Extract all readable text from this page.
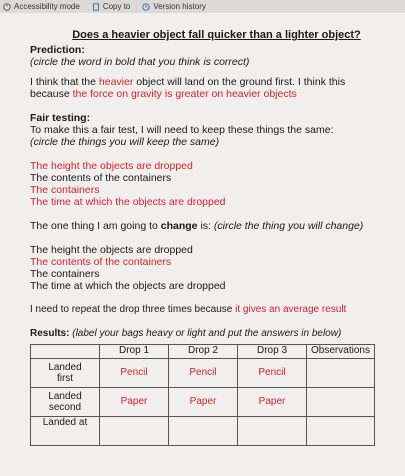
Accessibility mode	Copy to	Version history
Does a heavier object fall quicker than a lighter object?
Prediction:
(circle the word in bold that you think is correct)
I think that the heavier object will land on the ground first. I think this
because the force on gravity is greater on heavier objects
Fair testing:
To make this a fair test, I will need to keep these things the same:
(circle the things you will keep the same)
The height the objects are dropped
The contents of the containers
The containers
The time at which the objects are dropped
The one thing I am going to change is: (circle the thing you will change)
The height the objects are dropped
The contents of the containers
The containers
The time at which the objects are dropped
I need to repeat the drop three times because it gives an average result
Results: (label your bags heavy or light and put the answers in below)
	Drop 1	Drop 2	Drop 3	Observations

Landed
first	Pencil	Pencil	Pencil	

Landed
second	Paper	Paper	Paper	

Landed at				
